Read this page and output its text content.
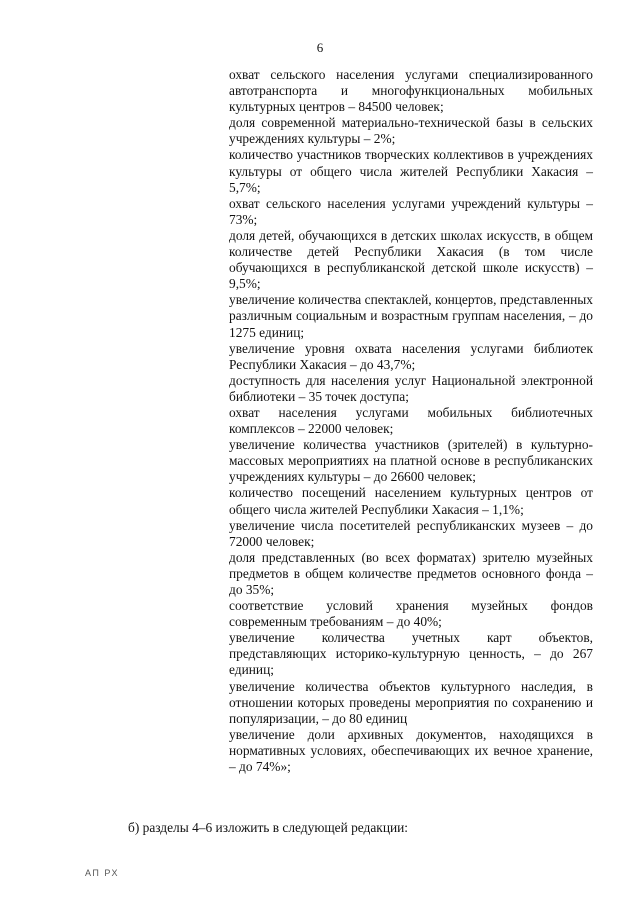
6

охват сельского населения услугами специализированного автотранспорта и многофункциональных мобильных культурных центров – 84500 человек;

доля современной материально-технической базы в сельских учреждениях культуры – 2%;

количество участников творческих коллективов в учреждениях культуры от общего числа жителей Республики Хакасия – 5,7%;

охват сельского населения услугами учреждений культуры – 73%;

доля детей, обучающихся в детских школах искусств, в общем количестве детей Республики Хакасия (в том числе обучающихся в республиканской детской школе искусств) – 9,5%;

увеличение количества спектаклей, концертов, представленных различным социальным и возрастным группам населения, – до 1275 единиц;

увеличение уровня охвата населения услугами библиотек Республики Хакасия – до 43,7%;

доступность для населения услуг Национальной электронной библиотеки – 35 точек доступа;

охват населения услугами мобильных библиотечных комплексов – 22000 человек;

увеличение количества участников (зрителей) в культурно-массовых мероприятиях на платной основе в республиканских учреждениях культуры – до 26600 человек;

количество посещений населением культурных центров от общего числа жителей Республики Хакасия – 1,1%;

увеличение числа посетителей республиканских музеев – до 72000 человек;

доля представленных (во всех форматах) зрителю музейных предметов в общем количестве предметов основного фонда – до 35%;

соответствие условий хранения музейных фондов современным требованиям – до 40%;

увеличение количества учетных карт объектов, представляющих историко-культурную ценность, – до 267 единиц;

увеличение количества объектов культурного наследия, в отношении которых проведены мероприятия по сохранению и популяризации, – до 80 единиц

увеличение доли архивных документов, находящихся в нормативных условиях, обеспечивающих их вечное хранение, – до 74%»;

б) разделы 4–6 изложить в следующей редакции:

АП РХ
